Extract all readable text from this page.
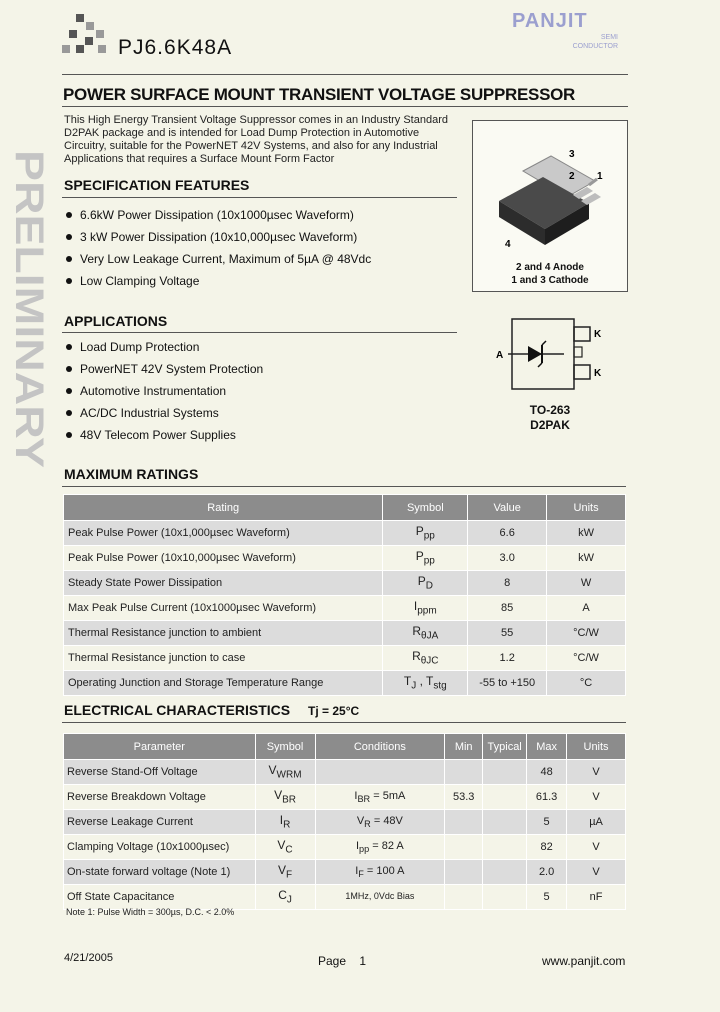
PJ6.6K48A
PANJIT
SEMI
CONDUCTOR
POWER SURFACE MOUNT TRANSIENT VOLTAGE SUPPRESSOR
PRELIMINARY
This High Energy Transient Voltage Suppressor comes in an Industry Standard D2PAK package and is intended for Load Dump Protection in Automotive Circuitry, suitable for the PowerNET 42V Systems, and also for any Industrial Applications that requires a Surface Mount Form Factor
SPECIFICATION FEATURES
6.6kW Power Dissipation (10x1000µsec Waveform)
3 kW Power Dissipation (10x10,000µsec Waveform)
Very Low Leakage Current, Maximum of 5µA @ 48Vdc
Low Clamping Voltage
APPLICATIONS
Load Dump Protection
PowerNET 42V System Protection
Automotive Instrumentation
AC/DC Industrial Systems
48V Telecom Power Supplies
3
2 1
4
2 and 4 Anode
1 and 3 Cathode
A
K
K
TO-263
D2PAK
MAXIMUM RATINGS
Rating	Symbol	Value	Units
Peak Pulse Power (10x1,000µsec Waveform)	$P_{pp}$	6.6	kW
Peak Pulse Power (10x10,000µsec Waveform)	$P_{pp}$	3.0	kW
Steady State Power Dissipation	$P_D$	8	W
Max Peak Pulse Current (10x1000µsec Waveform)	$I_{ppm}$	85	A
Thermal Resistance junction to ambient	$R_{\theta JA}$	55	°C/W
Thermal Resistance junction to case	$R_{\theta JC}$	1.2	°C/W
Operating Junction and Storage Temperature Range	$T_J$ , $T_{stg}$	-55 to +150	°C
ELECTRICAL CHARACTERISTICS Tj = 25°C
Parameter	Symbol	Conditions	Min	Typical	Max	Units
Reverse Stand-Off Voltage	$V_{WRM}$				48	V
Reverse Breakdown Voltage	$V_{BR}$	$I_{BR} = 5mA$	53.3		61.3	V
Reverse Leakage Current	$I_R$	$V_R = 48V$			5	µA
Clamping Voltage (10x1000µsec)	$V_C$	$I_{pp} = 82$ A			82	V
On-state forward voltage (Note 1)	$V_F$	$I_F = 100$ A			2.0	V
Off State Capacitance	$C_J$	1MHz, 0Vdc Bias			5	nF
Note 1: Pulse Width = 300µs, D.C. < 2.0%
4/21/2005	Page    1	www.panjit.com
